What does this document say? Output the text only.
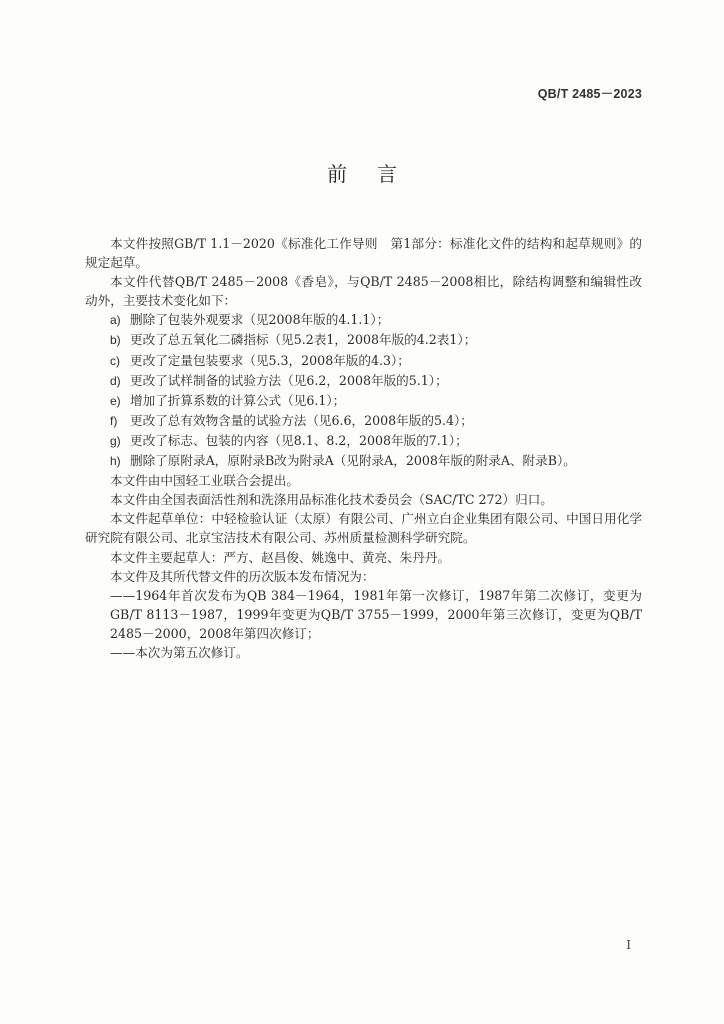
QB/T 2485－2023
前 言

本文件按照GB/T 1.1－2020《标准化工作导则　第1部分：标准化文件的结构和起草规则》的规定起草。

本文件代替QB/T 2485－2008《香皂》，与QB/T 2485－2008相比，除结构调整和编辑性改动外，主要技术变化如下：

a) 删除了包装外观要求（见2008年版的4.1.1）；

b) 更改了总五氧化二磷指标（见5.2表1，2008年版的4.2表1）；

c) 更改了定量包装要求（见5.3，2008年版的4.3）；

d) 更改了试样制备的试验方法（见6.2，2008年版的5.1）；

e) 增加了折算系数的计算公式（见6.1）；

f) 更改了总有效物含量的试验方法（见6.6，2008年版的5.4）；

g) 更改了标志、包装的内容（见8.1、8.2，2008年版的7.1）；

h) 删除了原附录A，原附录B改为附录A（见附录A，2008年版的附录A、附录B）。

本文件由中国轻工业联合会提出。

本文件由全国表面活性剂和洗涤用品标准化技术委员会（SAC/TC 272）归口。

本文件起草单位：中轻检验认证（太原）有限公司、广州立白企业集团有限公司、中国日用化学研究院有限公司、北京宝洁技术有限公司、苏州质量检测科学研究院。

本文件主要起草人：严方、赵昌俊、姚逸中、黄亮、朱丹丹。

本文件及其所代替文件的历次版本发布情况为：

——1964年首次发布为QB 384－1964，1981年第一次修订，1987年第二次修订，变更为GB/T 8113－1987，1999年变更为QB/T 3755－1999，2000年第三次修订，变更为QB/T 2485－2000，2008年第四次修订；

——本次为第五次修订。

I
